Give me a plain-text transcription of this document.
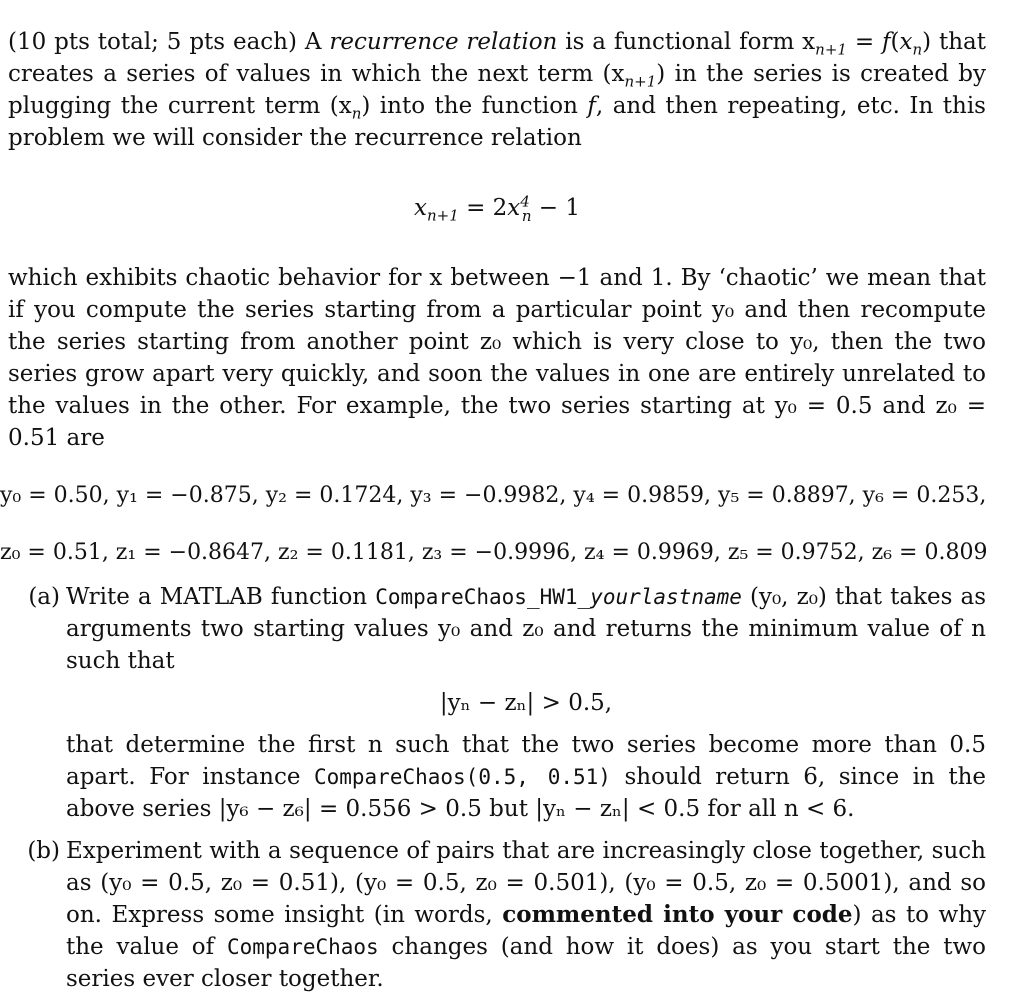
(10 pts total; 5 pts each) A recurrence relation is a functional form $x_{n+1} = f(x_n)$ that creates a series of values in which the next term $(x_{n+1})$ in the series is created by plugging the current term $(x_n)$ into the function f, and then repeating, etc. In this problem we will consider the recurrence relation

$x_{n+1} = 2x^4_n - 1$

which exhibits chaotic behavior for x between −1 and 1. By ‘chaotic’ we mean that if you compute the series starting from a particular point y₀ and then recompute the series starting from another point z₀ which is very close to y₀, then the two series grow apart very quickly, and soon the values in one are entirely unrelated to the values in the other. For example, the two series starting at y₀ = 0.5 and z₀ = 0.51 are

y₀ = 0.50, y₁ = −0.875, y₂ = 0.1724, y₃ = −0.9982, y₄ = 0.9859, y₅ = 0.8897, y₆ = 0.253,

z₀ = 0.51, z₁ = −0.8647, z₂ = 0.1181, z₃ = −0.9996, z₄ = 0.9969, z₅ = 0.9752, z₆ = 0.809

(a) Write a MATLAB function CompareChaos_HW1_yourlastname (y₀, z₀) that takes as arguments two starting values y₀ and z₀ and returns the minimum value of n such that

|yₙ − zₙ| > 0.5,

that determine the first n such that the two series become more than 0.5 apart. For instance CompareChaos(0.5, 0.51) should return 6, since in the above series |y₆ − z₆| = 0.556 > 0.5 but |yₙ − zₙ| < 0.5 for all n < 6.
(b) Experiment with a sequence of pairs that are increasingly close together, such as (y₀ = 0.5, z₀ = 0.51), (y₀ = 0.5, z₀ = 0.501), (y₀ = 0.5, z₀ = 0.5001), and so on. Express some insight (in words, commented into your code) as to why the value of CompareChaos changes (and how it does) as you start the two series ever closer together.
